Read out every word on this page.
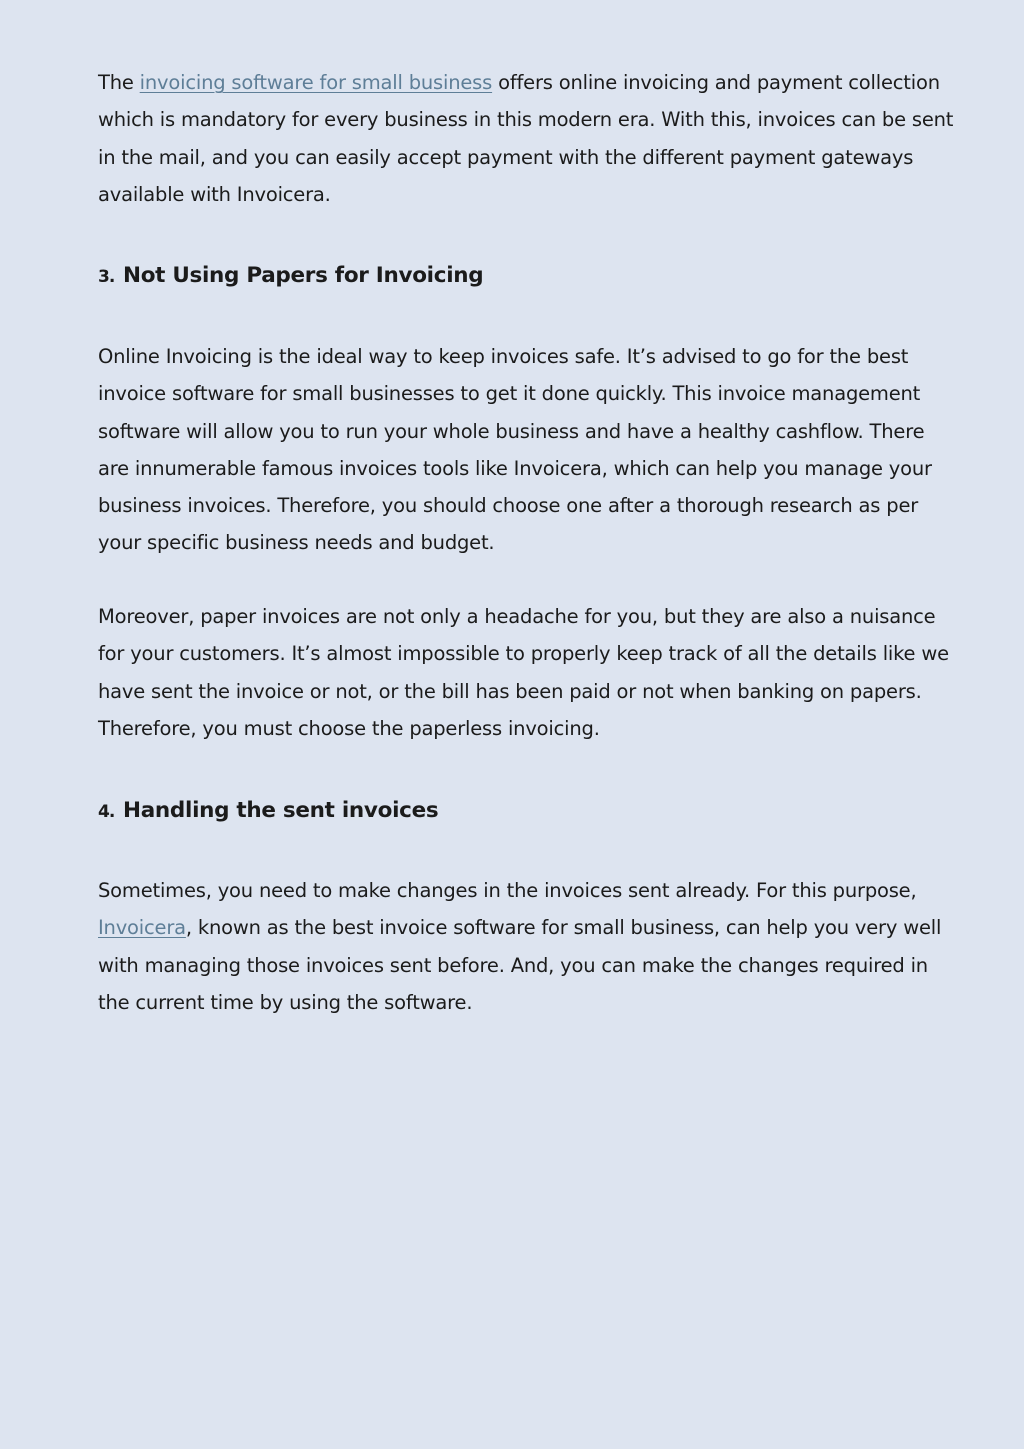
The invoicing software for small business offers online invoicing and payment collection which is mandatory for every business in this modern era. With this, invoices can be sent in the mail, and you can easily accept payment with the different payment gateways available with Invoicera.

3. Not Using Papers for Invoicing

Online Invoicing is the ideal way to keep invoices safe. It’s advised to go for the best invoice software for small businesses to get it done quickly. This invoice management software will allow you to run your whole business and have a healthy cashflow. There are innumerable famous invoices tools like Invoicera, which can help you manage your business invoices. Therefore, you should choose one after a thorough research as per your specific business needs and budget.

Moreover, paper invoices are not only a headache for you, but they are also a nuisance for your customers. It’s almost impossible to properly keep track of all the details like we have sent the invoice or not, or the bill has been paid or not when banking on papers. Therefore, you must choose the paperless invoicing.

4. Handling the sent invoices

Sometimes, you need to make changes in the invoices sent already. For this purpose, Invoicera, known as the best invoice software for small business, can help you very well with managing those invoices sent before. And, you can make the changes required in the current time by using the software.
